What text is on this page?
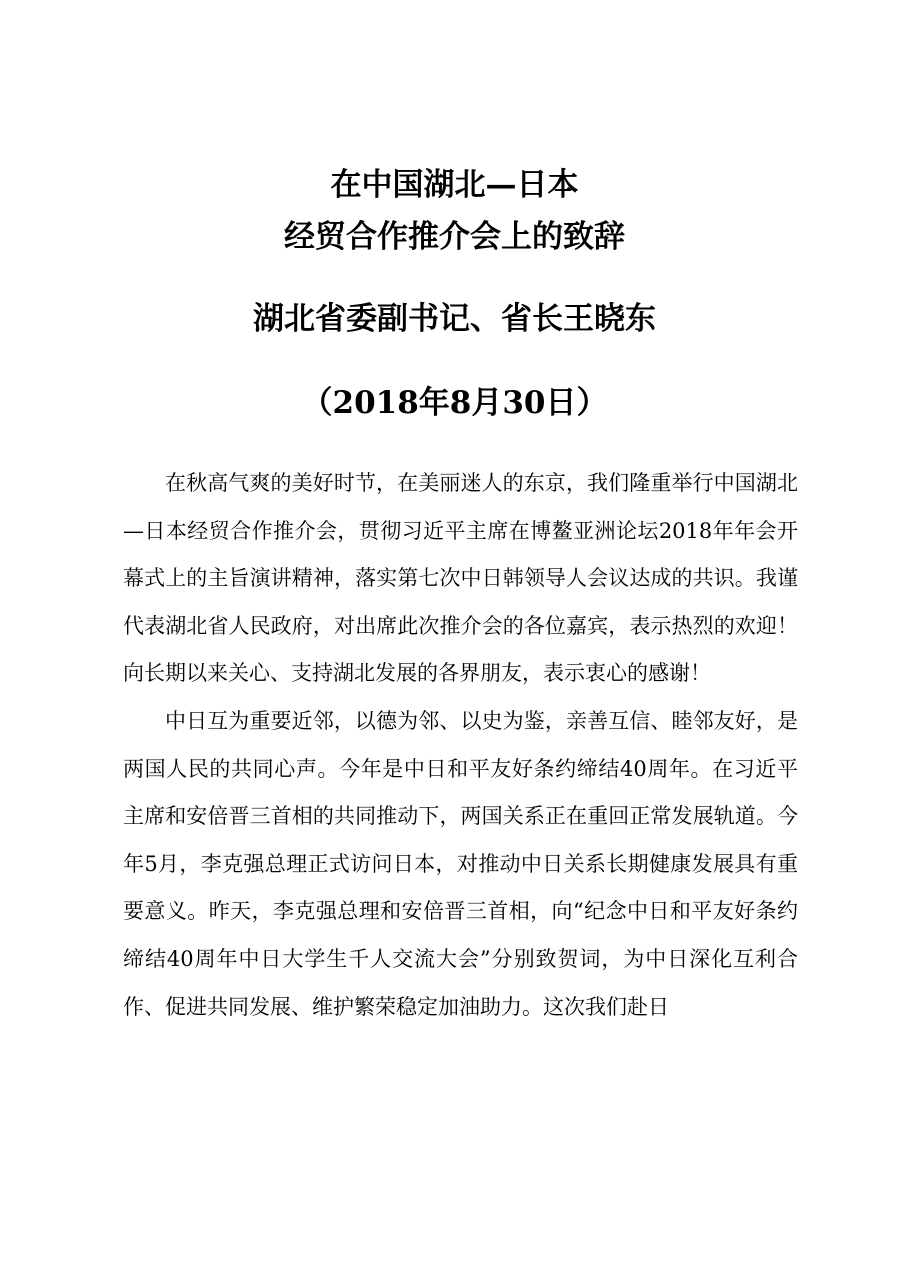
在中国湖北—日本
经贸合作推介会上的致辞
湖北省委副书记、省长王晓东
（2018年8月30日）

在秋高气爽的美好时节，在美丽迷人的东京，我们隆重举行中国湖北—日本经贸合作推介会，贯彻习近平主席在博鳌亚洲论坛2018年年会开幕式上的主旨演讲精神，落实第七次中日韩领导人会议达成的共识。我谨代表湖北省人民政府，对出席此次推介会的各位嘉宾，表示热烈的欢迎！向长期以来关心、支持湖北发展的各界朋友，表示衷心的感谢！

中日互为重要近邻，以德为邻、以史为鉴，亲善互信、睦邻友好，是两国人民的共同心声。今年是中日和平友好条约缔结40周年。在习近平主席和安倍晋三首相的共同推动下，两国关系正在重回正常发展轨道。今年5月，李克强总理正式访问日本，对推动中日关系长期健康发展具有重要意义。昨天，李克强总理和安倍晋三首相，向“纪念中日和平友好条约缔结40周年中日大学生千人交流大会”分别致贺词，为中日深化互利合作、促进共同发展、维护繁荣稳定加油助力。这次我们赴日
